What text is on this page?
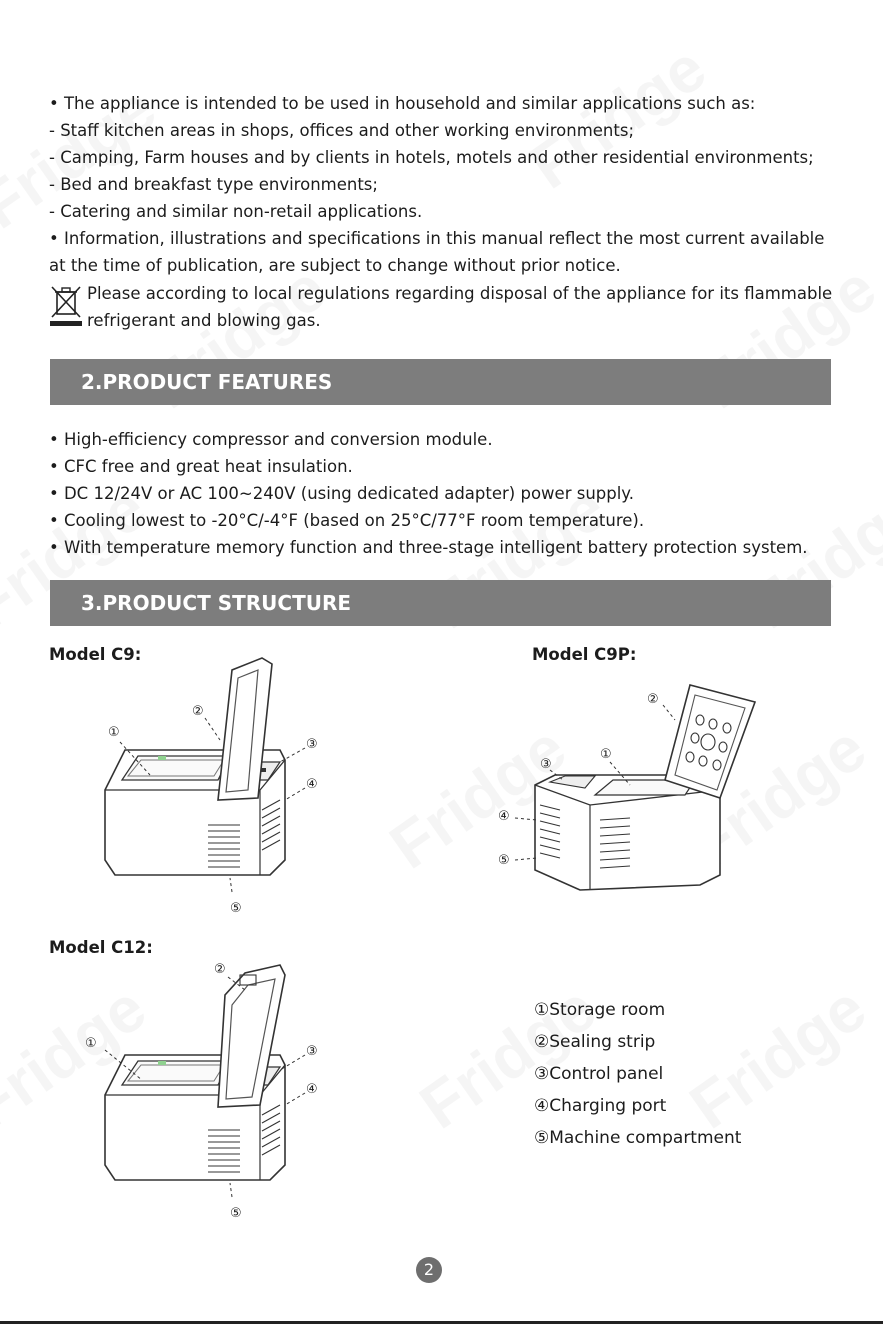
• The appliance is intended to be used in household and similar applications such as:
- Staff kitchen areas in shops, offices and other working environments;
- Camping, Farm houses and by clients in hotels, motels and other residential environments;
- Bed and breakfast type environments;
- Catering and similar non-retail applications.
• Information, illustrations and specifications in this manual reflect the most current available
at the time of publication, are subject to change without prior notice.
Please according to local regulations regarding disposal of the appliance for its flammable
refrigerant and blowing gas.
2.PRODUCT FEATURES
• High-efficiency compressor and conversion module.
• CFC free and great heat insulation.
• DC 12/24V or AC 100~240V (using dedicated adapter) power supply.
• Cooling lowest to -20°C/-4°F (based on 25°C/77°F room temperature).
• With temperature memory function and three-stage intelligent battery protection system.
3.PRODUCT STRUCTURE
Model C9:	Model C9P:
Model C12:
①
②
③
④
⑤
②
③
①
④
⑤
①
②
③
④
⑤
①Storage room
②Sealing strip
③Control panel
④Charging port
⑤Machine compartment
2
